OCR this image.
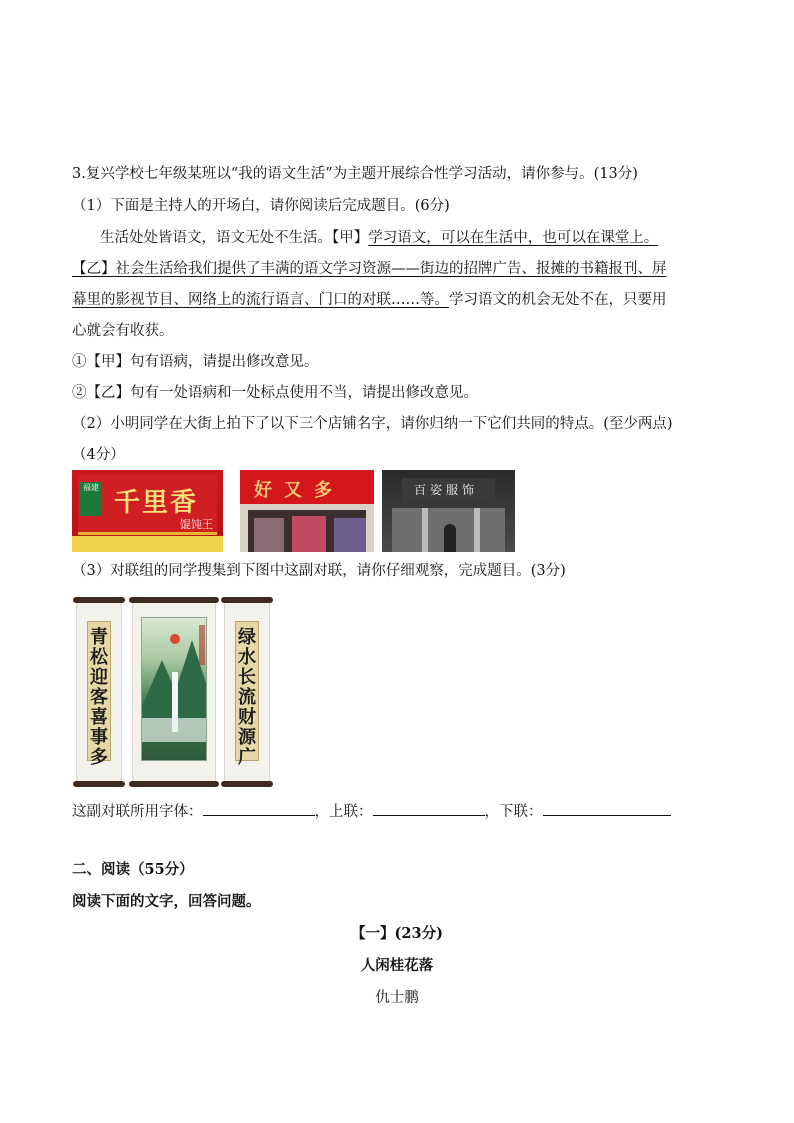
3.复兴学校七年级某班以“我的语文生活”为主题开展综合性学习活动，请你参与。(13分)
（1）下面是主持人的开场白，请你阅读后完成题目。(6分)
生活处处皆语文，语文无处不生活。【甲】学习语文，可以在生活中，也可以在课堂上。
【乙】社会生活给我们提供了丰满的语文学习资源——街边的招牌广告、报摊的书籍报刊、屏
幕里的影视节目、网络上的流行语言、门口的对联……等。学习语文的机会无处不在，只要用
心就会有收获。
①【甲】句有语病，请提出修改意见。
②【乙】句有一处语病和一处标点使用不当，请提出修改意见。
（2）小明同学在大街上拍下了以下三个店铺名字，请你归纳一下它们共同的特点。(至少两点)
（4分）
福建
千里香
馄饨王
好又多	百姿服饰
（3）对联组的同学搜集到下图中这副对联，请你仔细观察，完成题目。(3分)
青
松
迎
客
喜
事
多
绿
水
长
流
财
源
广
这副对联所用字体：	，上联：	，下联：
二、阅读（55分）
阅读下面的文字，回答问题。
【一】(23分)
人闲桂花落
仇士鹏
